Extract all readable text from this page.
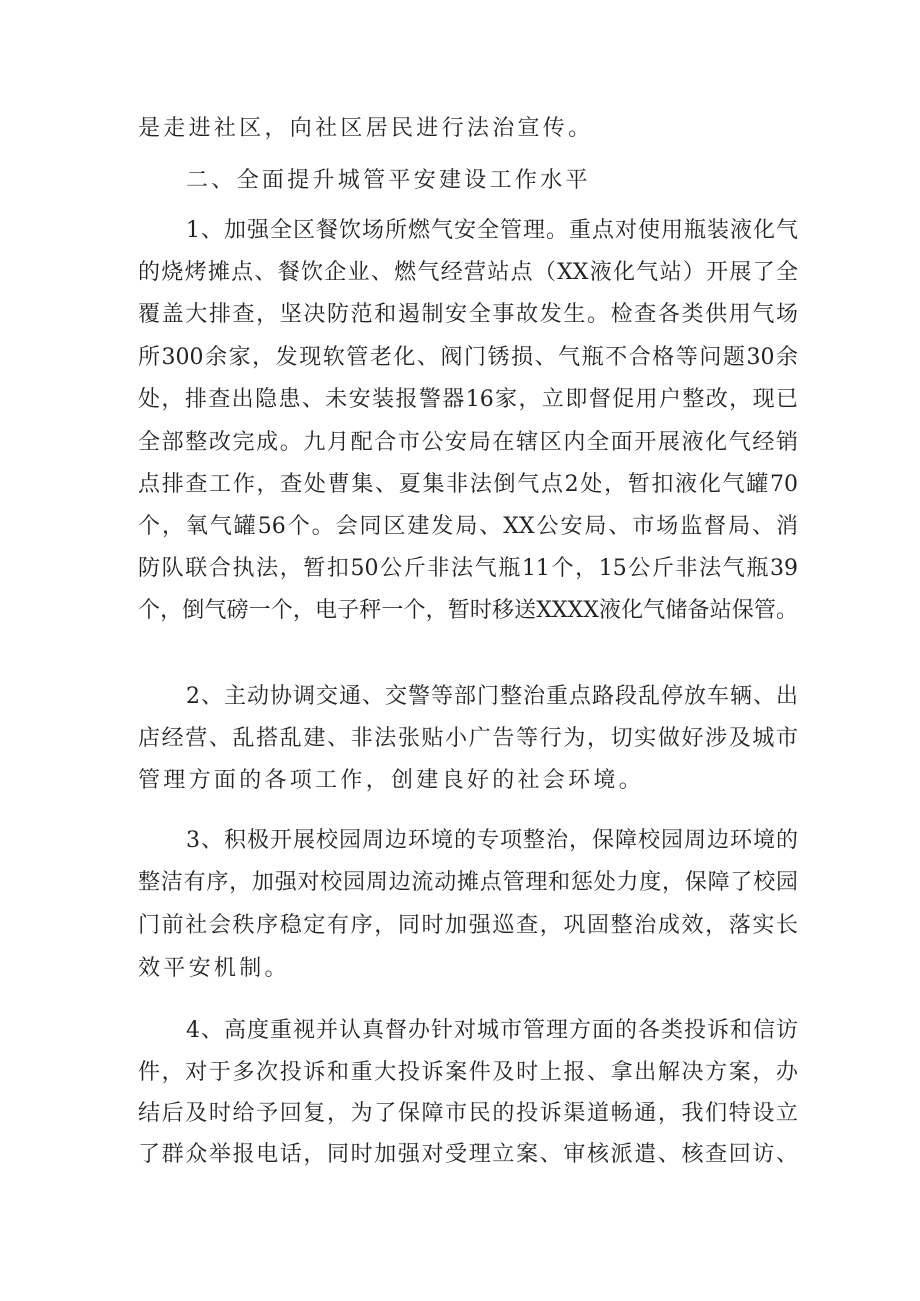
是走进社区，向社区居民进行法治宣传。
二、全面提升城管平安建设工作水平
1、加强全区餐饮场所燃气安全管理。重点对使用瓶装液化气
的烧烤摊点、餐饮企业、燃气经营站点（XX液化气站）开展了全
覆盖大排查，坚决防范和遏制安全事故发生。检查各类供用气场
所300余家，发现软管老化、阀门锈损、气瓶不合格等问题30余
处，排查出隐患、未安装报警器16家，立即督促用户整改，现已
全部整改完成。九月配合市公安局在辖区内全面开展液化气经销
点排查工作，查处曹集、夏集非法倒气点2处，暂扣液化气罐70
个，氧气罐56个。会同区建发局、XX公安局、市场监督局、消
防队联合执法，暂扣50公斤非法气瓶11个，15公斤非法气瓶39
个，倒气磅一个，电子秤一个，暂时移送XXXX液化气储备站保管。
2、主动协调交通、交警等部门整治重点路段乱停放车辆、出
店经营、乱搭乱建、非法张贴小广告等行为，切实做好涉及城市
管理方面的各项工作，创建良好的社会环境。
3、积极开展校园周边环境的专项整治，保障校园周边环境的
整洁有序，加强对校园周边流动摊点管理和惩处力度，保障了校园
门前社会秩序稳定有序，同时加强巡查，巩固整治成效，落实长
效平安机制。
4、高度重视并认真督办针对城市管理方面的各类投诉和信访
件，对于多次投诉和重大投诉案件及时上报、拿出解决方案，办
结后及时给予回复，为了保障市民的投诉渠道畅通，我们特设立
了群众举报电话，同时加强对受理立案、审核派遣、核查回访、
